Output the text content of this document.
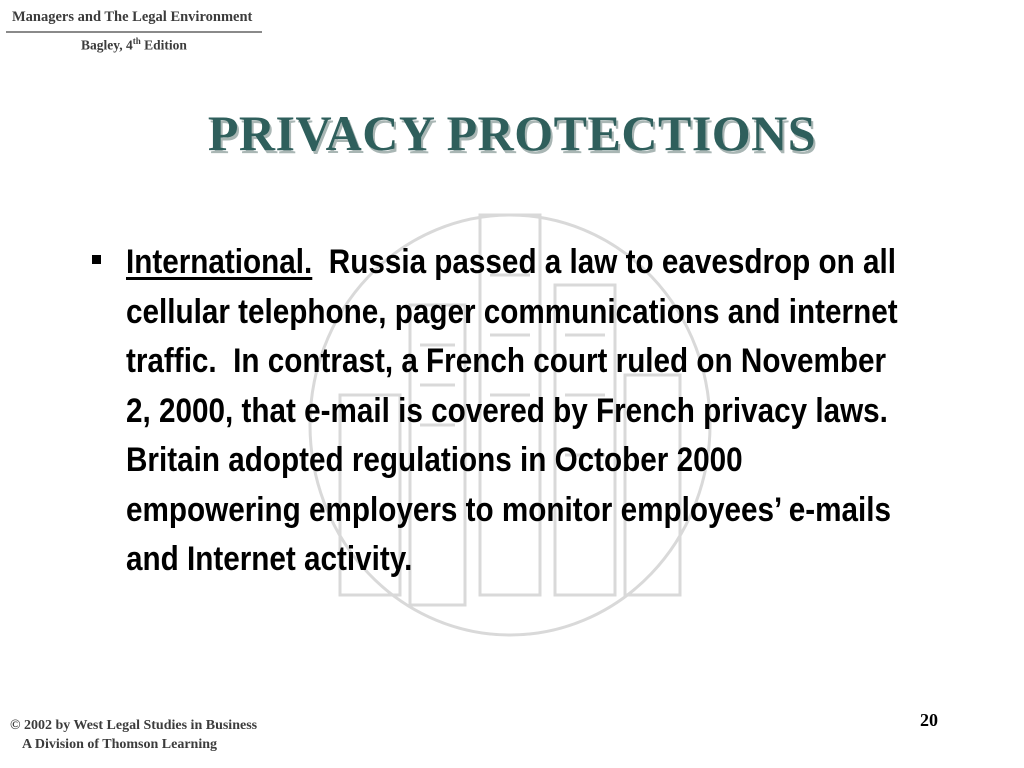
Managers and The Legal Environment
Bagley, 4th Edition
PRIVACY PROTECTIONS
International.  Russia passed a law to eavesdrop on all cellular telephone, pager communications and internet traffic.  In contrast, a French court ruled on November 2, 2000, that e-mail is covered by French privacy laws. Britain adopted regulations in October 2000 empowering employers to monitor employees’ e-mails and Internet activity.
20
© 2002 by West Legal Studies in Business
A Division of Thomson Learning
